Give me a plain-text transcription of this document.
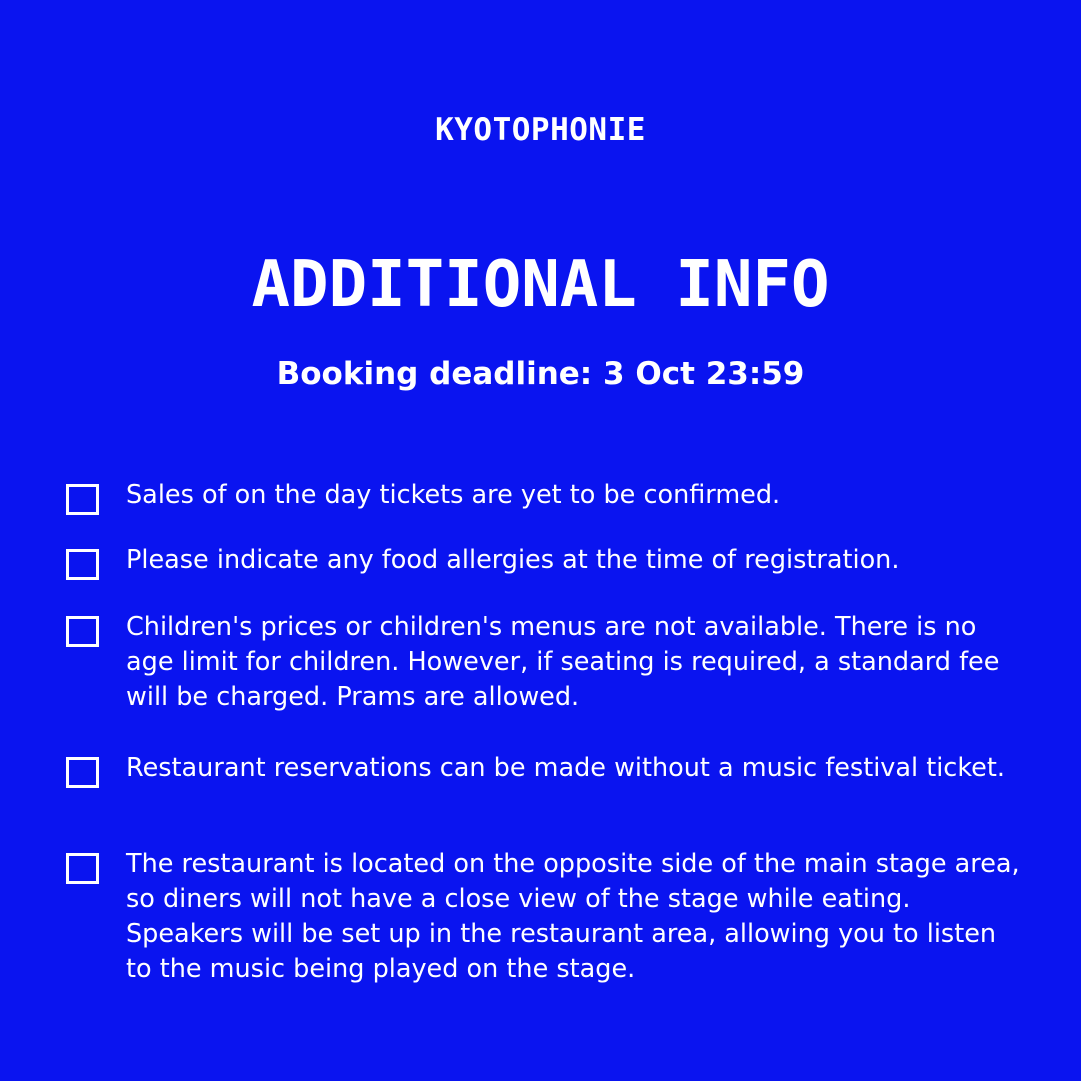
KYOTOPHONIE
ADDITIONAL INFO
Booking deadline: 3 Oct 23:59
Sales of on the day tickets are yet to be confirmed.
Please indicate any food allergies at the time of registration.
Children's prices or children's menus are not available. There is no age limit for children. However, if seating is required, a standard fee will be charged. Prams are allowed.
Restaurant reservations can be made without a music festival ticket.
The restaurant is located on the opposite side of the main stage area, so diners will not have a close view of the stage while eating. Speakers will be set up in the restaurant area, allowing you to listen to the music being played on the stage.
